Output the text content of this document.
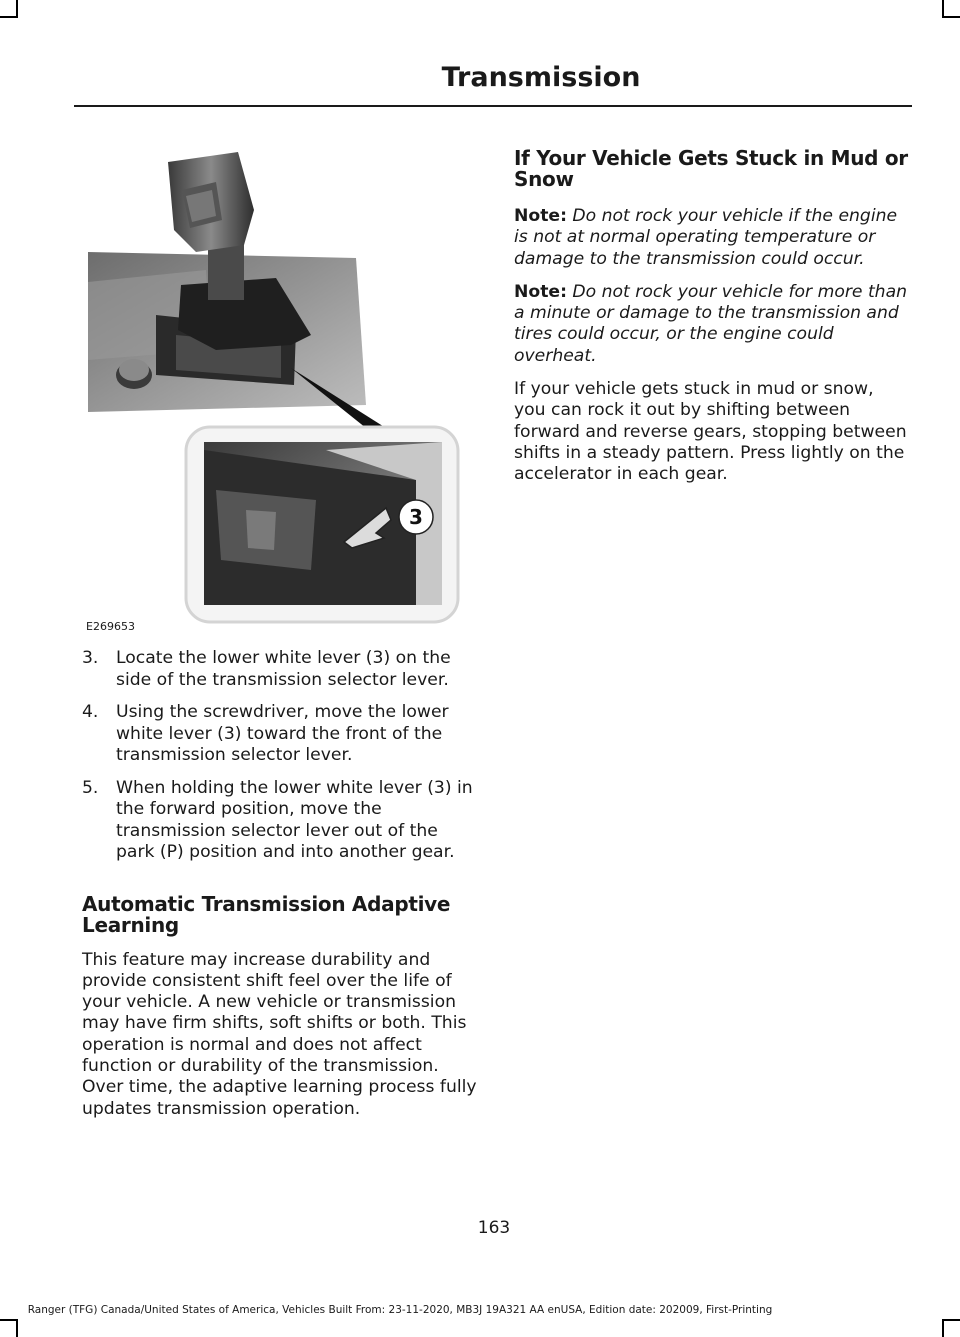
Transmission
3
E269653
3. Locate the lower white lever (3) on the side of the transmission selector lever.
4. Using the screwdriver, move the lower white lever (3) toward the front of the transmission selector lever.
5. When holding the lower white lever (3) in the forward position, move the transmission selector lever out of the park (P) position and into another gear.
Automatic Transmission Adaptive Learning

This feature may increase durability and provide consistent shift feel over the life of your vehicle. A new vehicle or transmission may have firm shifts, soft shifts or both. This operation is normal and does not affect function or durability of the transmission. Over time, the adaptive learning process fully updates transmission operation.

If Your Vehicle Gets Stuck in Mud or Snow

Note: Do not rock your vehicle if the engine is not at normal operating temperature or damage to the transmission could occur.

Note: Do not rock your vehicle for more than a minute or damage to the transmission and tires could occur, or the engine could overheat.

If your vehicle gets stuck in mud or snow, you can rock it out by shifting between forward and reverse gears, stopping between shifts in a steady pattern. Press lightly on the accelerator in each gear.

163
Ranger (TFG) Canada/United States of America, Vehicles Built From: 23-11-2020, MB3J 19A321 AA enUSA, Edition date: 202009, First-Printing
